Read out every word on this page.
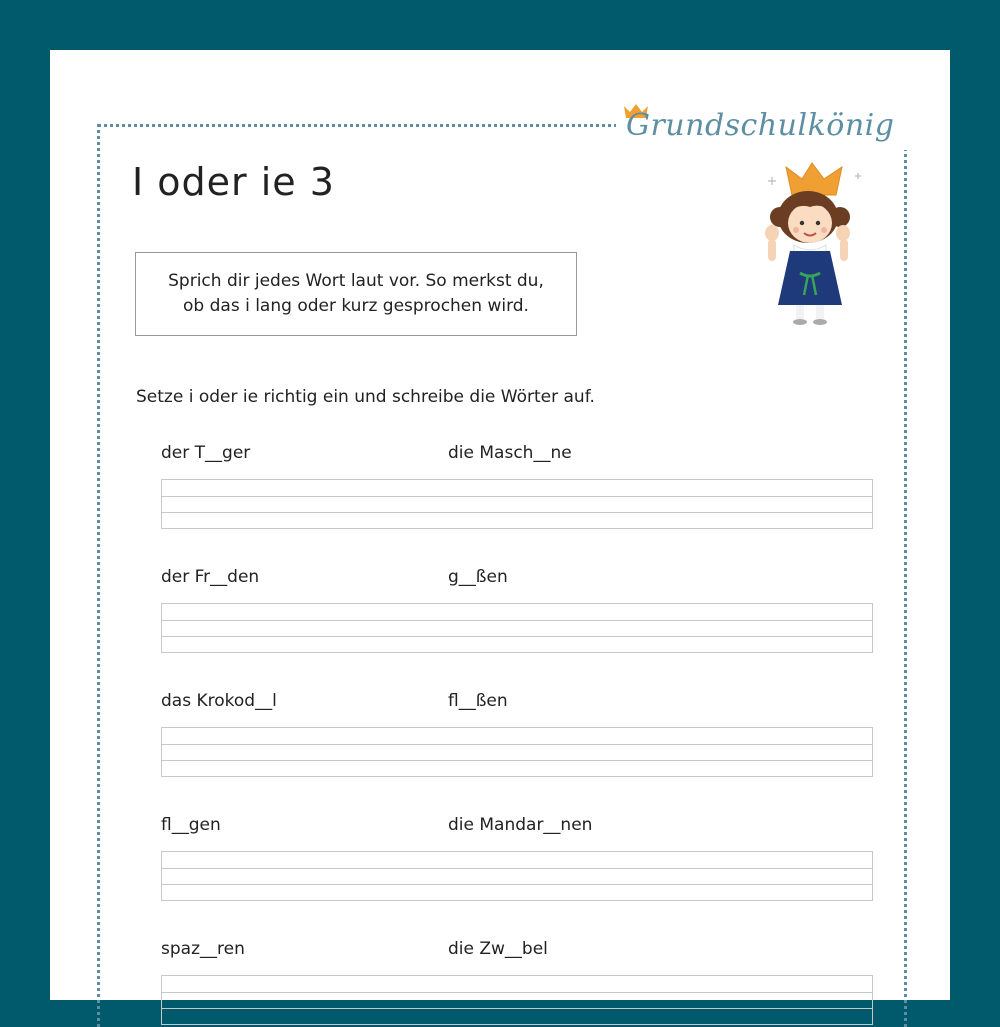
Grundschulkönig
I oder ie 3
Sprich dir jedes Wort laut vor. So merkst du,
ob das i lang oder kurz gesprochen wird.
Setze i oder ie richtig ein und schreibe die Wörter auf.
der T__ger	die Masch__ne
der Fr__den	g__ßen
das Krokod__l	fl__ßen
fl__gen	die Mandar__nen
spaz__ren	die Zw__bel
